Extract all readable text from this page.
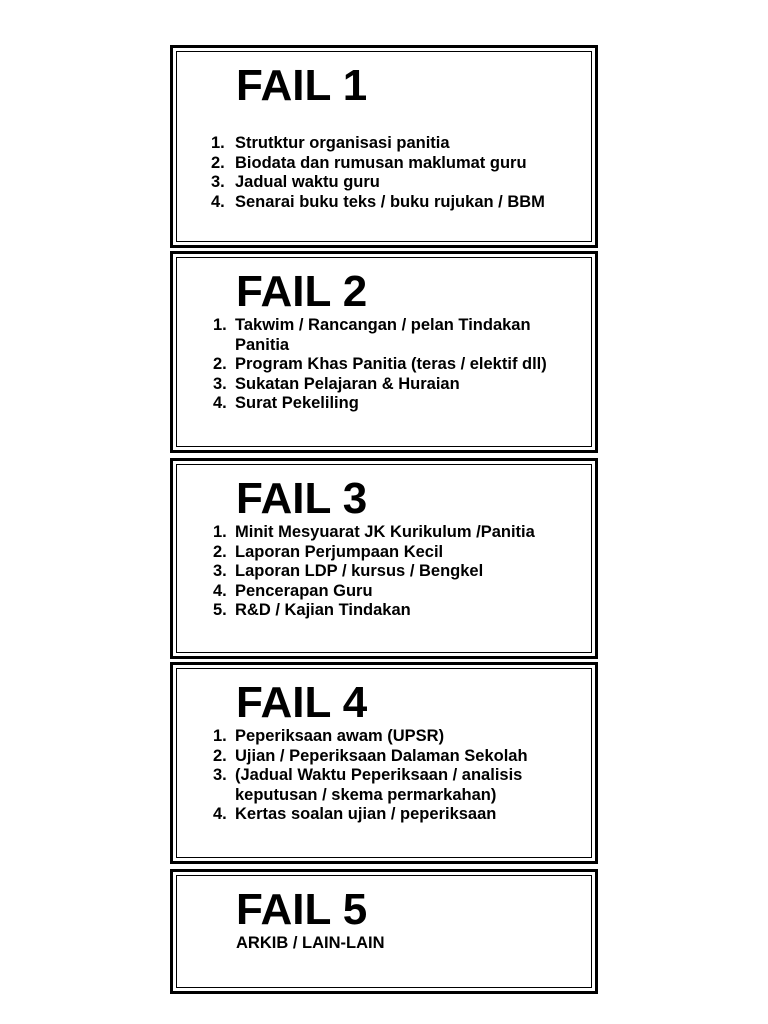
FAIL 1
1. Strutktur organisasi panitia
2. Biodata dan rumusan maklumat guru
3. Jadual waktu guru
4. Senarai buku teks / buku rujukan / BBM
FAIL 2
1. Takwim / Rancangan / pelan Tindakan
Panitia
2. Program Khas Panitia (teras / elektif dll)
3. Sukatan Pelajaran & Huraian
4. Surat Pekeliling
FAIL 3
1. Minit Mesyuarat JK Kurikulum /Panitia
2. Laporan Perjumpaan Kecil
3. Laporan LDP / kursus / Bengkel
4. Pencerapan Guru
5. R&D / Kajian Tindakan
FAIL 4
1. Peperiksaan awam (UPSR)
2. Ujian / Peperiksaan Dalaman Sekolah
3. (Jadual Waktu Peperiksaan / analisis
keputusan / skema permarkahan)
4. Kertas soalan ujian / peperiksaan
FAIL 5

ARKIB / LAIN-LAIN
